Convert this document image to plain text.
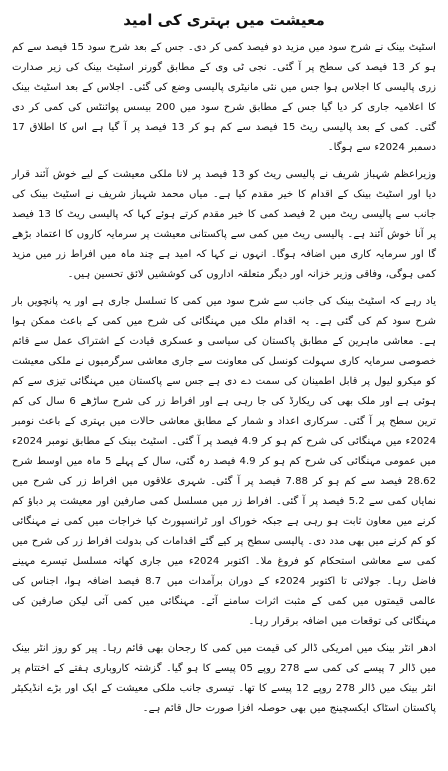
معیشت میں بہتری کی امید

اسٹیٹ بینک نے شرح سود میں مزید دو فیصد کمی کر دی۔ جس کے بعد شرح سود 15 فیصد سے کم ہو کر 13 فیصد کی سطح پر آ گئی۔ نجی ٹی وی کے مطابق گورنر اسٹیٹ بینک کی زیر صدارت زری پالیسی کا اجلاس ہوا جس میں نئی مانیٹری پالیسی وضع کی گئی۔ اجلاس کے بعد اسٹیٹ بینک کا اعلامیہ جاری کر دیا گیا جس کے مطابق شرح سود میں 200 بیسس پوائنٹس کی کمی کر دی گئی۔ کمی کے بعد پالیسی ریٹ 15 فیصد سے کم ہو کر 13 فیصد پر آ گیا ہے اس کا اطلاق 17 دسمبر 2024ء سے ہوگا۔

وزیراعظم شہباز شریف نے پالیسی ریٹ کو 13 فیصد پر لانا ملکی معیشت کے لیے خوش آئند قرار دیا اور اسٹیٹ بینک کے اقدام کا خیر مقدم کیا ہے۔ میاں محمد شہباز شریف نے اسٹیٹ بینک کی جانب سے پالیسی ریٹ میں 2 فیصد کمی کا خیر مقدم کرتے ہوئے کہا کہ پالیسی ریٹ کا 13 فیصد پر آنا خوش آئند ہے۔ پالیسی ریٹ میں کمی سے پاکستانی معیشت پر سرمایہ کاروں کا اعتماد بڑھے گا اور سرمایہ کاری میں اضافہ ہوگا۔ انہوں نے کہا کہ امید ہے چند ماہ میں افراط زر میں مزید کمی ہوگی، وفاقی وزیر خزانہ اور دیگر متعلقہ اداروں کی کوششیں لائق تحسین ہیں۔

یاد رہے کہ اسٹیٹ بینک کی جانب سے شرح سود میں کمی کا تسلسل جاری ہے اور یہ پانچویں بار شرح سود کم کی گئی ہے۔ یہ اقدام ملک میں مہنگائی کی شرح میں کمی کے باعث ممکن ہوا ہے۔ معاشی ماہرین کے مطابق پاکستان کی سیاسی و عسکری قیادت کے اشتراک عمل سے قائم خصوصی سرمایہ کاری سہولت کونسل کی معاونت سے جاری معاشی سرگرمیوں نے ملکی معیشت کو میکرو لیول پر قابل اطمینان کی سمت دے دی ہے جس سے پاکستان میں مہنگائی تیزی سے کم ہوئی ہے اور ملک بھی کی ریکارڈ کی جا رہی ہے اور افراط زر کی شرح ساڑھے 6 سال کی کم ترین سطح پر آ گئی۔ سرکاری اعداد و شمار کے مطابق معاشی حالات میں بہتری کے باعث نومبر 2024ء میں مہنگائی کی شرح کم ہو کر 4.9 فیصد پر آ گئی۔ اسٹیٹ بینک کے مطابق نومبر 2024ء میں عمومی مہنگائی کی شرح کم ہو کر 4.9 فیصد رہ گئی، سال کے پہلے 5 ماہ میں اوسط شرح 28.62 فیصد سے کم ہو کر 7.88 فیصد پر آ گئی۔ شہری علاقوں میں افراط زر کی شرح میں نمایاں کمی سے 5.2 فیصد پر آ گئی۔ افراط زر میں مسلسل کمی صارفین اور معیشت پر دباؤ کم کرنے میں معاون ثابت ہو رہی ہے جبکہ خوراک اور ٹرانسپورٹ کیا خراجات میں کمی نے مہنگائی کو کم کرنے میں بھی مدد دی۔ پالیسی سطح پر کیے گئے اقدامات کی بدولت افراط زر کی شرح میں کمی سے معاشی استحکام کو فروغ ملا۔ اکتوبر 2024ء میں جاری کھاتہ مسلسل تیسرے مہینے فاضل رہا۔ جولائی تا اکتوبر 2024ء کے دوران برآمدات میں 8.7 فیصد اضافہ ہوا، اجناس کی عالمی قیمتوں میں کمی کے مثبت اثرات سامنے آئے۔ مہنگائی میں کمی آئی لیکن صارفین کی مہنگائی کی توقعات میں اضافہ برقرار رہا۔

ادھر انٹر بینک میں امریکی ڈالر کی قیمت میں کمی کا رجحان بھی قائم رہا۔ پیر کو روز انٹر بینک میں ڈالر 7 پیسے کی کمی سے 278 روپے 05 پیسے کا ہو گیا۔ گزشتہ کاروباری ہفتے کے اختتام پر انٹر بینک میں ڈالر 278 روپے 12 پیسے کا تھا۔ تیسری جانب ملکی معیشت کے ایک اور بڑے انڈیکیٹر پاکستان اسٹاک ایکسچینج میں بھی حوصلہ افزا صورت حال قائم ہے۔
